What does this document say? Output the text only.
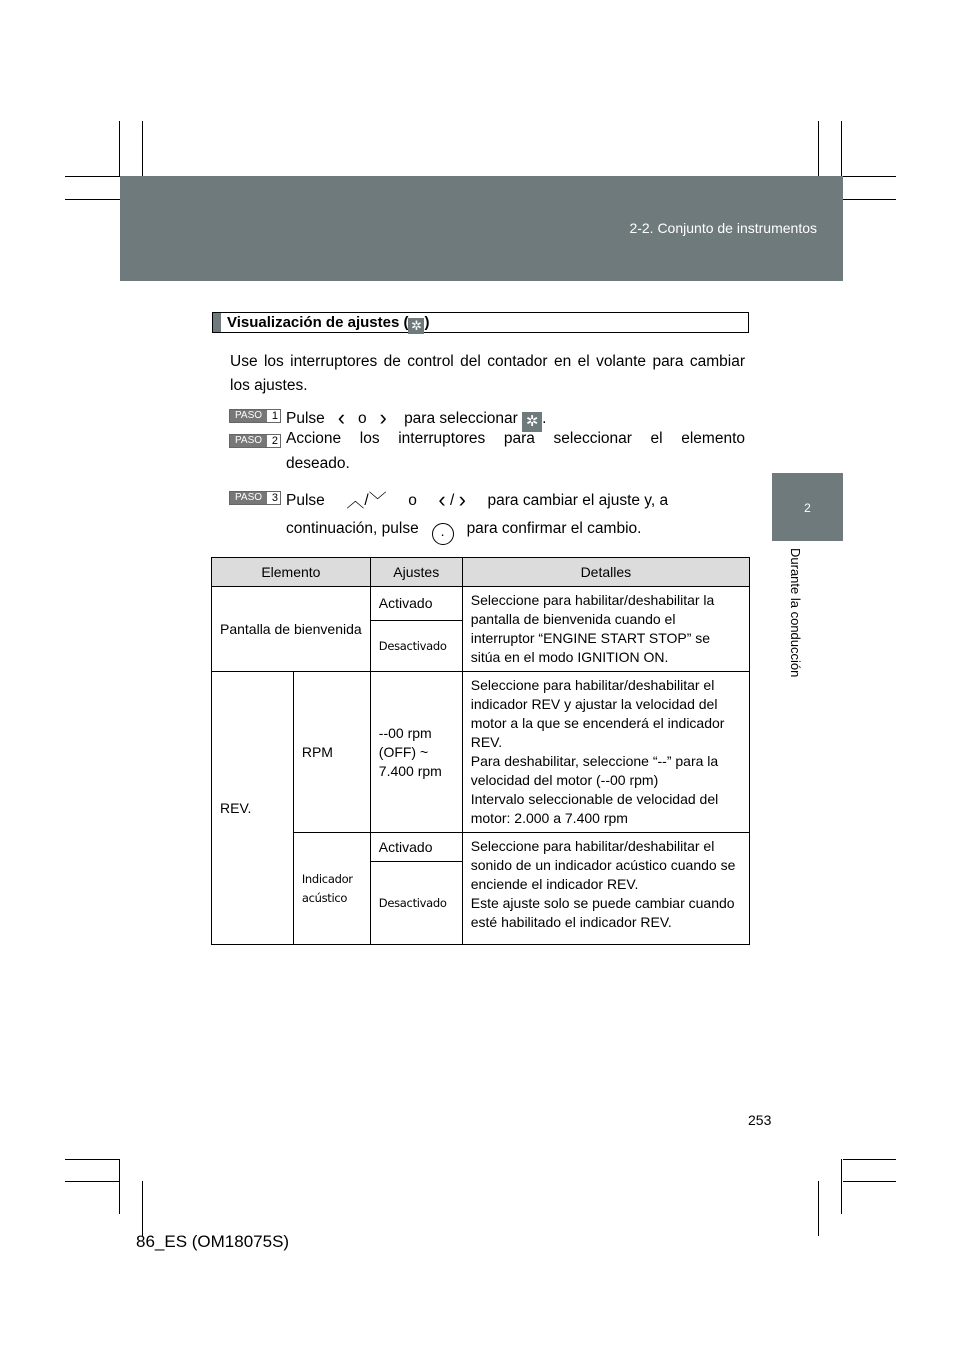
2-2. Conjunto de instrumentos
2
Durante la conducción
Visualización de ajustes ( ✲ )
Use los interruptores de control del contador en el volante para cambiar los ajustes.
PASO 1 Pulse ‹ o › para seleccionar ✲ .
PASO 2 Accione los interruptores para seleccionar el elemento
deseado.
PASO 3 Pulse ︿/﹀ o ‹ / › para cambiar el ajuste y, a
continuación, pulse · para confirmar el cambio.
Elemento		Ajustes	Detalles
Pantalla de bienvenida		Activado	Seleccione para habilitar/deshabilitar la pantalla de bienvenida cuando el interruptor “ENGINE START STOP” se sitúa en el modo IGNITION ON.
		Desactivado	
REV.	RPM	--00 rpm (OFF) ~ 7.400 rpm	Seleccione para habilitar/deshabilitar el indicador REV y ajustar la velocidad del motor a la que se encenderá el indicador REV.
Para deshabilitar, seleccione “--” para la velocidad del motor (--00 rpm)
Intervalo seleccionable de velocidad del motor: 2.000 a 7.400 rpm

	Indicador acústico	Activado	Seleccione para habilitar/deshabilitar el sonido de un indicador acústico cuando se enciende el indicador REV.
Este ajuste solo se puede cambiar cuando esté habilitado el indicador REV.

		Desactivado	
253
86_ES (OM18075S)
